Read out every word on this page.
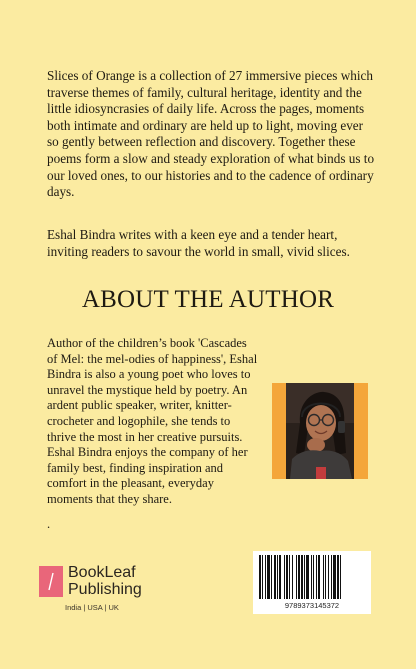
Slices of Orange is a collection of 27 immersive pieces which traverse themes of family, cultural heritage, identity and the little idiosyncrasies of daily life. Across the pages, moments both intimate and ordinary are held up to light, moving ever so gently between reflection and discovery. Together these poems form a slow and steady exploration of what binds us to our loved ones, to our histories and to the cadence of ordinary days.

Eshal Bindra writes with a keen eye and a tender heart, inviting readers to savour the world in small, vivid slices.

ABOUT THE AUTHOR

Author of the children’s book 'Cascades of Mel: the mel-odies of happiness', Eshal Bindra is also a young poet who loves to unravel the mystique held by poetry. An ardent public speaker, writer, knitter-crocheter and logophile, she tends to thrive the most in her creative pursuits. Eshal Bindra enjoys the company of her family best, finding inspiration and comfort in the pleasant, everyday moments that they share.

.
BookLeaf
Publishing
India | USA | UK	9789373145372
